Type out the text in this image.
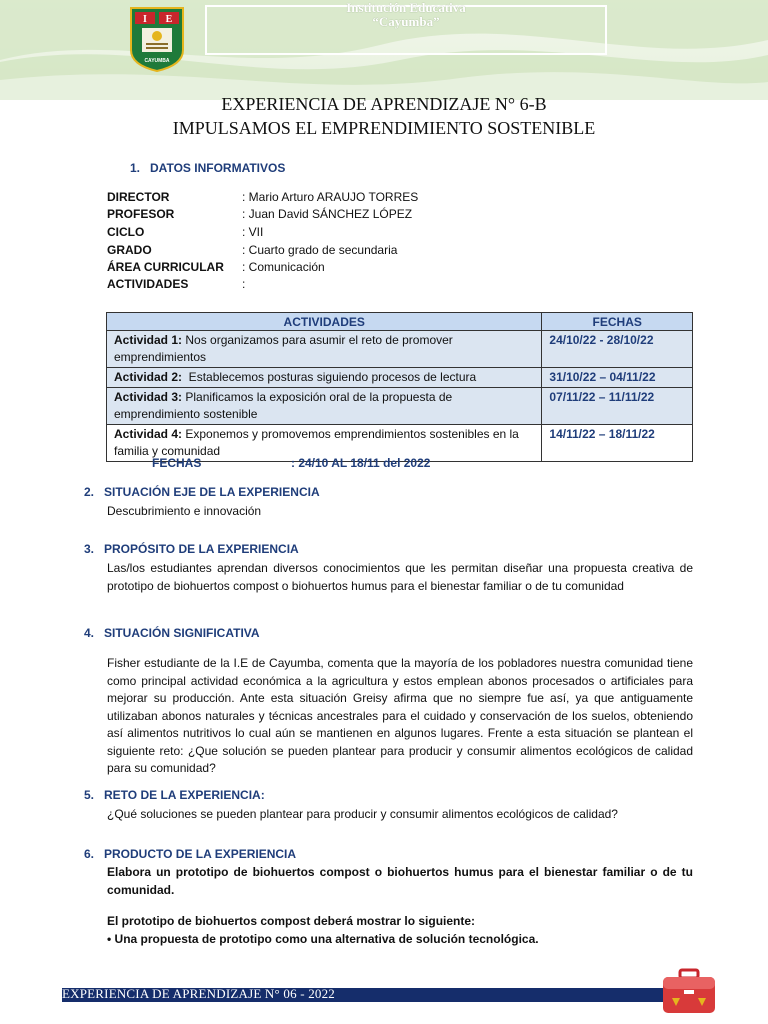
I E
CAYUMBA
Institución Educativa
“Cayumba”
EXPERIENCIA DE APRENDIZAJE N° 6-B
IMPULSAMOS EL EMPRENDIMIENTO SOSTENIBLE
1. DATOS INFORMATIVOS
DIRECTOR	: Mario Arturo ARAUJO TORRES
PROFESOR	: Juan David SÁNCHEZ LÓPEZ
CICLO	: VII
GRADO	: Cuarto grado de secundaria
ÁREA CURRICULAR : Comunicación
ACTIVIDADES	:
ACTIVIDADES	FECHAS
Actividad 1: Nos organizamos para asumir el reto de promover emprendimientos	24/10/22 - 28/10/22
Actividad 2:  Establecemos posturas siguiendo procesos de lectura	31/10/22 – 04/11/22
Actividad 3: Planificamos la exposición oral de la propuesta de emprendimiento sostenible	07/11/22 – 11/11/22
Actividad 4: Exponemos y promovemos emprendimientos sostenibles en la familia y comunidad	14/11/22 – 18/11/22
FECHAS	: 24/10 AL 18/11 del 2022
2. SITUACIÓN EJE DE LA EXPERIENCIA
Descubrimiento e innovación
3. PROPÓSITO DE LA EXPERIENCIA
Las/los estudiantes aprendan diversos conocimientos que les permitan diseñar una propuesta creativa de prototipo de biohuertos compost o biohuertos humus para el bienestar familiar o de tu comunidad
4. SITUACIÓN SIGNIFICATIVA
Fisher estudiante de la I.E de Cayumba, comenta que la mayoría de los pobladores nuestra comunidad tiene como principal actividad económica a la agricultura y estos emplean abonos procesados o artificiales para mejorar su producción. Ante esta situación Greisy afirma que no siempre fue así, ya que antiguamente utilizaban abonos naturales y técnicas ancestrales para el cuidado y conservación de los suelos, obteniendo así alimentos nutritivos lo cual aún se mantienen en algunos lugares. Frente a esta situación se plantean el siguiente reto: ¿Que solución se pueden plantear para producir y consumir alimentos ecológicos de calidad para su comunidad?
5. RETO DE LA EXPERIENCIA:
¿Qué soluciones se pueden plantear para producir y consumir alimentos ecológicos de calidad?
6. PRODUCTO DE LA EXPERIENCIA
Elabora un prototipo de biohuertos compost o biohuertos humus para el bienestar familiar o de tu comunidad.
El prototipo de biohuertos compost deberá mostrar lo siguiente:
• Una propuesta de prototipo como una alternativa de solución tecnológica.
EXPERIENCIA DE APRENDIZAJE N° 06 - 2022
